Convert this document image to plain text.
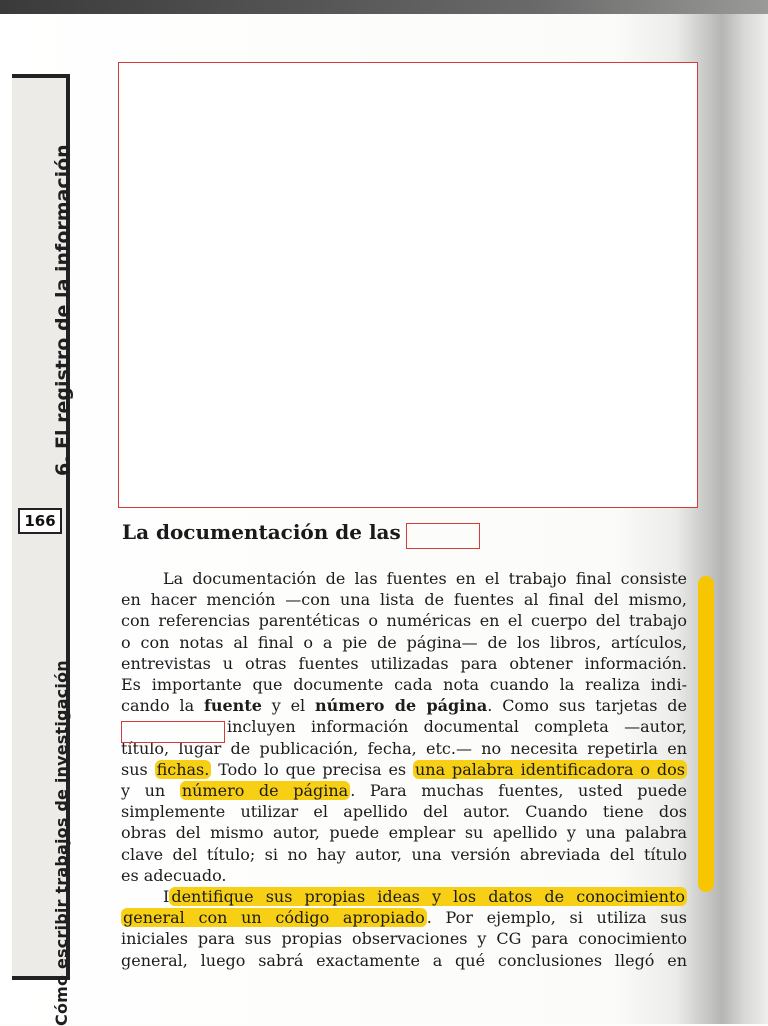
6. El registro de la información
Cómo escribir trabajos de investigación
166	La documentación de las
La documentación de las fuentes en el trabajo final consiste
en hacer mención —con una lista de fuentes al final del mismo,
con referencias parentéticas o numéricas en el cuerpo del trabajo
o con notas al final o a pie de página— de los libros, artículos,
entrevistas u otras fuentes utilizadas para obtener información.
Es importante que documente cada nota cuando la realiza indi-
cando la fuente y el número de página. Como sus tarjetas de
incluyen información documental completa —autor,
título, lugar de publicación, fecha, etc.— no necesita repetirla en
sus fichas. Todo lo que precisa es una palabra identificadora o dos
y un número de página . Para muchas fuentes, usted puede
simplemente utilizar el apellido del autor. Cuando tiene dos
obras del mismo autor, puede emplear su apellido y una palabra
clave del título; si no hay autor, una versión abreviada del título
es adecuado.
I dentifique sus propias ideas y los datos de conocimiento
general con un código apropiado . Por ejemplo, si utiliza sus
iniciales para sus propias observaciones y CG para conocimiento
general, luego sabrá exactamente a qué conclusiones llegó en
